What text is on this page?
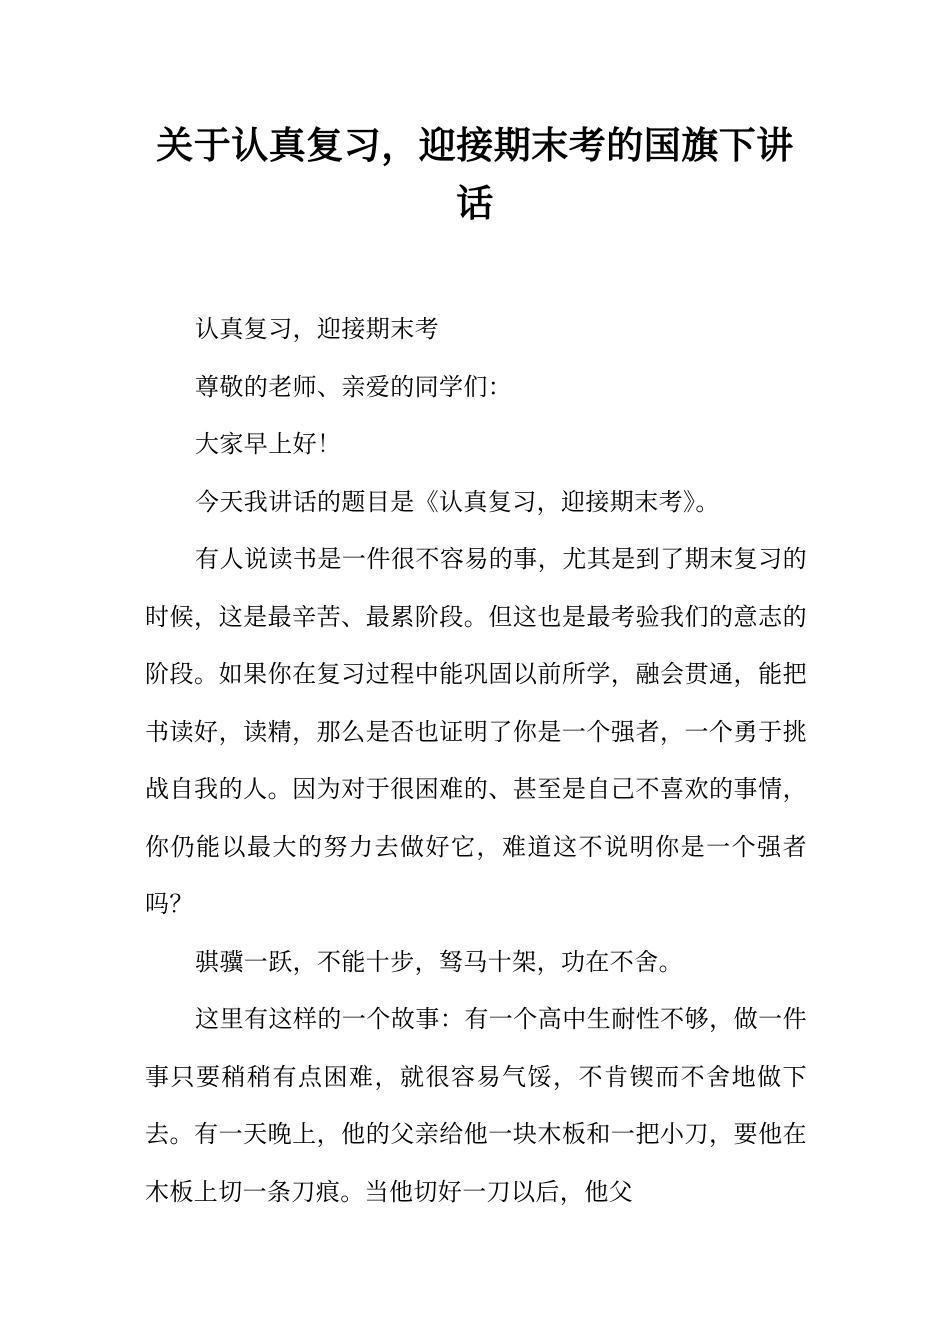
关于认真复习，迎接期末考的国旗下讲话

认真复习，迎接期末考

尊敬的老师、亲爱的同学们：

大家早上好！

今天我讲话的题目是《认真复习，迎接期末考》。

有人说读书是一件很不容易的事，尤其是到了期末复习的时候，这是最辛苦、最累阶段。但这也是最考验我们的意志的阶段。如果你在复习过程中能巩固以前所学，融会贯通，能把书读好，读精，那么是否也证明了你是一个强者，一个勇于挑战自我的人。因为对于很困难的、甚至是自己不喜欢的事情，你仍能以最大的努力去做好它，难道这不说明你是一个强者吗？

骐骥一跃，不能十步，驽马十架，功在不舍。

这里有这样的一个故事：有一个高中生耐性不够，做一件事只要稍稍有点困难，就很容易气馁，不肯锲而不舍地做下去。有一天晚上，他的父亲给他一块木板和一把小刀，要他在木板上切一条刀痕。当他切好一刀以后，他父
